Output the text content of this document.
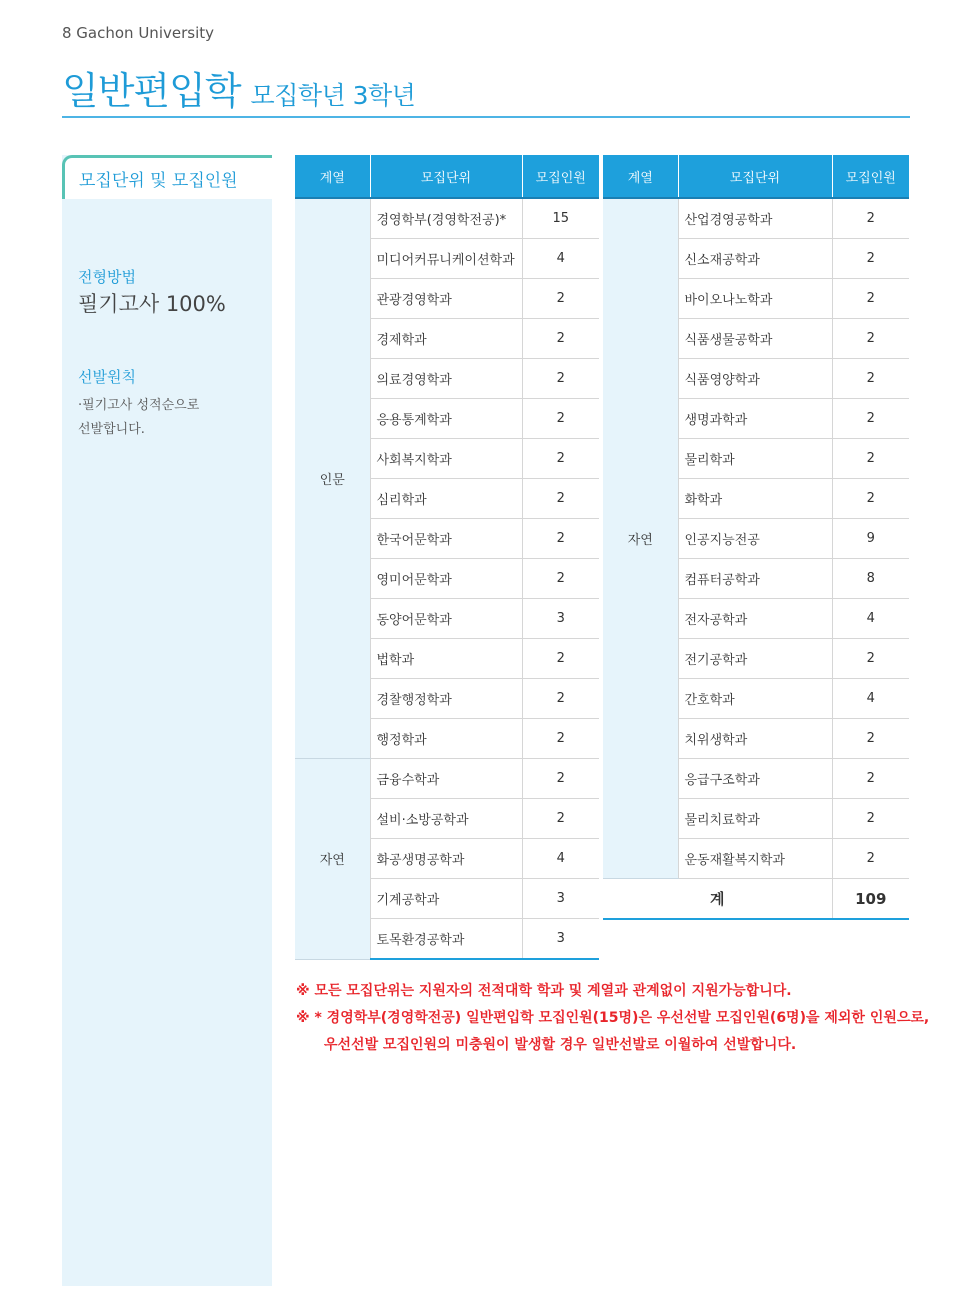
8 Gachon University
일반편입학 모집학년 3학년
모집단위 및 모집인원
전형방법
필기고사 100%
선발원칙
·필기고사 성적순으로
선발합니다.
계열	모집단위	모집인원
인문	경영학부(경영학전공)*	15
	미디어커뮤니케이션학과	4
	관광경영학과	2
	경제학과	2
	의료경영학과	2
	응용통계학과	2
	사회복지학과	2
	심리학과	2
	한국어문학과	2
	영미어문학과	2
	동양어문학과	3
	법학과	2
	경찰행정학과	2
	행정학과	2
자연	금융수학과	2
	설비·소방공학과	2
	화공생명공학과	4
	기계공학과	3
	토목환경공학과	3
계열	모집단위	모집인원
자연	산업경영공학과	2
	신소재공학과	2
	바이오나노학과	2
	식품생물공학과	2
	식품영양학과	2
	생명과학과	2
	물리학과	2
	화학과	2
	인공지능전공	9
	컴퓨터공학과	8
	전자공학과	4
	전기공학과	2
	간호학과	4
	치위생학과	2
	응급구조학과	2
	물리치료학과	2
	운동재활복지학과	2
계		109
※ 모든 모집단위는 지원자의 전적대학 학과 및 계열과 관계없이 지원가능합니다.
※ * 경영학부(경영학전공) 일반편입학 모집인원(15명)은 우선선발 모집인원(6명)을 제외한 인원으로,
우선선발 모집인원의 미충원이 발생할 경우 일반선발로 이월하여 선발합니다.
